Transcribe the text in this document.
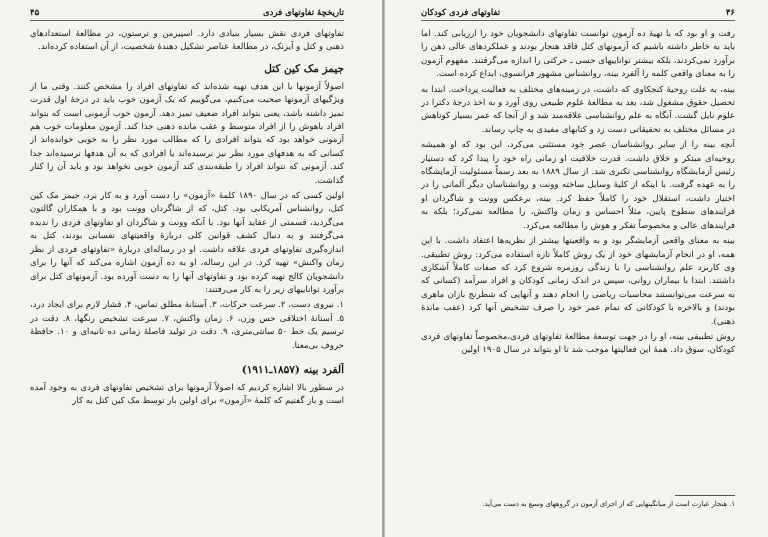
تاریخچهٔ تفاوتهای فردی
۴۵

تفاوتهای فردی نقش بسیار بنیادی دارد. اسپیرمن و ترستون، در مطالعهٔ استعدادهای ذهنی و کتل و آیزنک، در مطالعهٔ عناصر تشکیل دهندهٔ شخصیت، از آن استفاده کرده‌اند.

جیمز مک کین کتل

اصولاً آزمونها با این هدف تهیه شده‌اند که تفاوتهای افراد را مشخص کنند. وقتی ما از ویژگیهای آزمونها صحبت می‌کنیم، می‌گوییم که یک آزمون خوب باید در درجهٔ اول قدرت تمیز داشته باشد، یعنی بتواند افراد ضعیف تمیز دهد. آزمون خوب آزمونی است که بتواند افراد باهوش را از افراد متوسط و عقب مانده ذهنی جدا کند. آزمون معلومات خوب هم آزمونی خواهد بود که بتواند افرادی را که مطالب مورد نظر را به خوبی خوانده‌اند از کسانی که به هدفهای مورد نظر نیز نرسیده‌اند یا افرادی که به آن هدفها نرسیده‌اند جدا کند. آزمونی که نتواند افراد را طبقه‌بندی کند آزمون خوبی نخواهد بود و باید آن را کنار گذاشت.

اولین کسی که در سال ۱۸۹۰ کلمهٔ «آزمون» را دست آورد و به کار برد، جیمز مک کین کتل، روانشناس آمریکایی بود. کتل، که از شاگردان وونت بود و با همکاران گالتون می‌گردید، قسمتی از عقاید آنها بود. با آنکه وونت و شاگردان او تفاوتهای فردی را ندیده می‌گرفتند و به دنبال کشف قوانین کلی دربارهٔ واقعیتهای نفسانی بودند، کتل به اندازه‌گیری تفاوتهای فردی علاقه داشت. او در رساله‌ای دربارهٔ «تفاوتهای فردی از نظر زمان واکنش» تهیه کرد. در این رساله، او به ده آزمون اشاره می‌کند که آنها را برای دانشجویان کالج تهیه کرده بود و تفاوتهای آنها را به دست آورده بود. آزمونهای کتل برای برآورد تواناییهای زیر را به کار می‌رفتند:

۱. نیروی دست، ۲. سرعت حرکات، ۳. آستانهٔ مطلق تماس، ۴. فشار لازم برای ایجاد درد، ۵. آستانهٔ اختلافی حس وزن، ۶. زمان واکنش، ۷. سرعت تشخیص رنگها، ۸. دقت در ترسیم یک خط ۵۰ سانتی‌متری، ۹. دقت در تولید فاصلهٔ زمانی ده ثانیه‌ای و ۱۰. حافظهٔ حروف بی‌معنا.

آلفرد بینه (۱۸۵۷ـ۱۹۱۱)

در سطور بالا اشاره کردیم که اصولاً آزمونها برای تشخیص تفاوتهای فردی به وجود آمده است و باز گفتیم که کلمهٔ «آزمون» برای اولین بار توسط مک کین کتل به کار

۴۶
تفاوتهای فردی کودکان

رفت و او بود که با تهیهٔ ده آزمون توانست تفاوتهای دانشجویان خود را ارزیابی کند. اما باید به خاطر داشته باشیم که آزمونهای کتل فاقد هنجار بودند و عملکردهای عالی ذهن را برآورد نمی‌کردند، بلکه بیشتر تواناییهای حسی ـ حرکتی را اندازه می‌گرفتند. مفهوم آزمون را به معنای واقعی کلمه را آلفرد بینه، روانشناس مشهور فرانسوی، ابداع کرده است.

بینه، به علت روحیهٔ کنجکاوی که داشت، در زمینه‌های مختلف به فعالیت پرداخت. ابتدا به تحصیل حقوق مشغول شد، بعد به مطالعهٔ علوم طبیعی روی آورد و به اخذ درجهٔ دکترا در علوم نایل گشت. آنگاه به علم روانشناسی علاقه‌مند شد و از آنجا که عمر بسیار کوتاهش در مسائل مختلف به تحقیقاتی دست زد و کتابهای مفیدی به چاپ رساند.

آنچه بینه را از سایر روانشناسان عصر خود مستثنی می‌کرد، این بود که او همیشه روحیه‌ای مبتکر و خلاق داشت. قدرت خلاقیت او زمانی راه خود را پیدا کرد که دستیار رئیس آزمایشگاه روانشناسی تکنری شد. از سال ۱۸۸۹ به بعد رسماً مسئولیت آزمایشگاه را به عهده گرفت. با اینکه از کلیهٔ وسایل ساخته وونت و روانشناسان دیگر آلمانی را در اختیار داشت، استقلال خود را کاملاً حفظ کرد. بینه، برعکس وونت و شاگردان او فرایندهای سطوح پایین، مثلاً احساس و زمان واکنش، را مطالعه نمی‌کرد؛ بلکه به فرایندهای عالی و مخصوصاً تفکر و هوش را مطالعه می‌کرد.

بینه به معنای واقعی آزمایشگر بود و به واقعیتها بیشتر از نظریه‌ها اعتقاد داشت. با این همه، او در انجام آزمایشهای خود از یک روش کاملاً تازه استفاده می‌کرد: روش تطبیقی. وی کاربرد علم روانشناسی را با زندگی روزمره شروع کرد که صفات کاملاً آشکاری داشتند. ابتدا با بیماران روانی، سپس در اندک زمانی کودکان و افراد سرآمد (کسانی که به سرعت می‌توانستند محاسبات ریاضی را انجام دهند و آنهایی که شطرنج بازان ماهری بودند) و بالاخره با کودکانی که تمام عمر خود را صرف تشخیص آنها کرد (عقب ماندهٔ ذهنی).

روش تطبیقی بینه، او را در جهت توسعهٔ مطالعهٔ تفاوتهای فردی،مخصوصاً تفاوتهای فردی کودکان، سوق داد. همهٔ این فعالیتها موجب شد تا او بتواند در سال ۱۹۰۵ اولین

۱. هنجار عبارت است از میانگینهایی که از اجرای آزمون در گروههای وسیع به دست می‌آید.
